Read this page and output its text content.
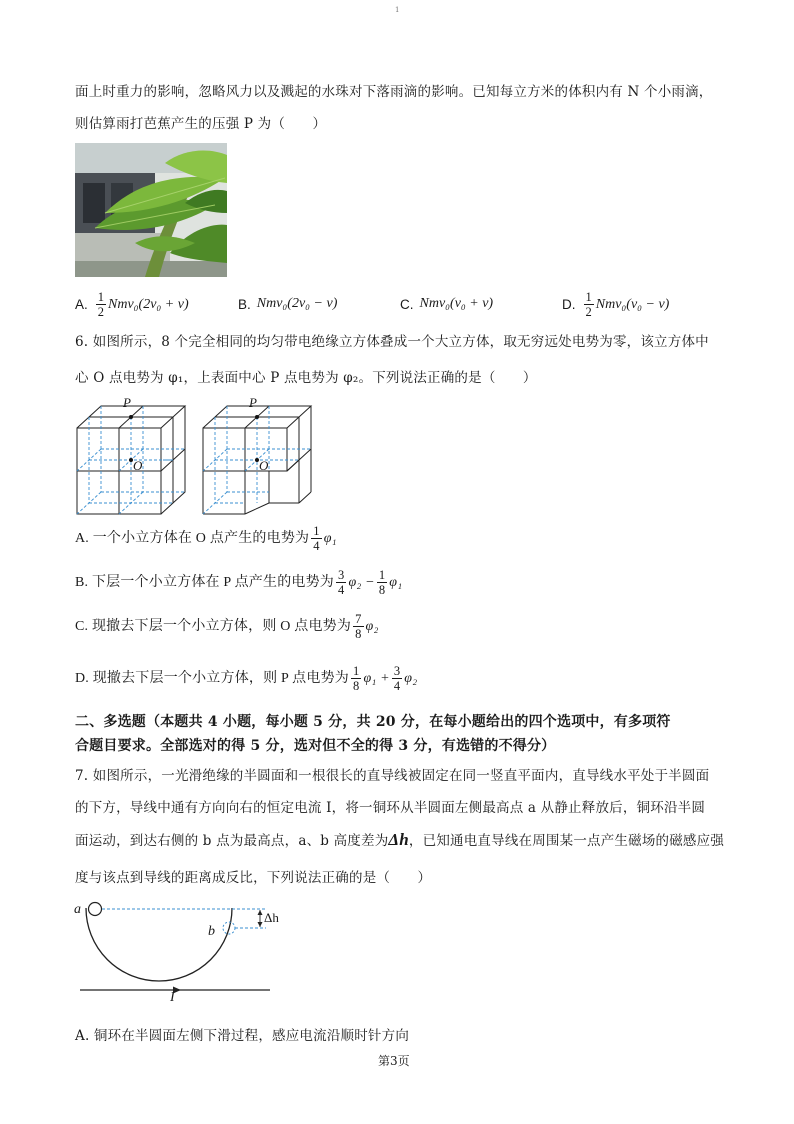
1
面上时重力的影响，忽略风力以及溅起的水珠对下落雨滴的影响。已知每立方米的体积内有 N 个小雨滴，
则估算雨打芭蕉产生的压强 P 为（　　）
A. $\frac{1}{2} Nmv_0(2v_0 + v)$	B. Nmv₀(2v₀ − v)	C. Nmv₀(v₀ + v)	D. $\frac{1}{2} Nmv_0(v_0 - v)$
6. 如图所示，8 个完全相同的均匀带电绝缘立方体叠成一个大立方体，取无穷远处电势为零，该立方体中
心 O 点电势为 φ₁，上表面中心 P 点电势为 φ₂。下列说法正确的是（　　）
P
O
P
O
A. 一个小立方体在 O 点产生的电势为 $\frac{1}{4} \varphi_1$
B. 下层一个小立方体在 P 点产生的电势为 $\frac{3}{4} \varphi_2 - \frac{1}{8} \varphi_1$
C. 现撤去下层一个小立方体，则 O 点电势为 $\frac{7}{8} \varphi_2$
D. 现撤去下层一个小立方体，则 P 点电势为 $\frac{1}{8} \varphi_1 + \frac{3}{4} \varphi_2$
二、多选题（本题共 4 小题，每小题 5 分，共 20 分，在每小题给出的四个选项中，有多项符
合题目要求。全部选对的得 5 分，选对但不全的得 3 分，有选错的不得分）
7. 如图所示，一光滑绝缘的半圆面和一根很长的直导线被固定在同一竖直平面内，直导线水平处于半圆面
的下方，导线中通有方向向右的恒定电流 I，将一铜环从半圆面左侧最高点 a 从静止释放后，铜环沿半圆
面运动，到达右侧的 b 点为最高点，a、b 高度差为Δh，已知通电直导线在周围某一点产生磁场的磁感应强
度与该点到导线的距离成反比，下列说法正确的是（　　）
a
b
Δh
I
A. 铜环在半圆面左侧下滑过程，感应电流沿顺时针方向
第3页
